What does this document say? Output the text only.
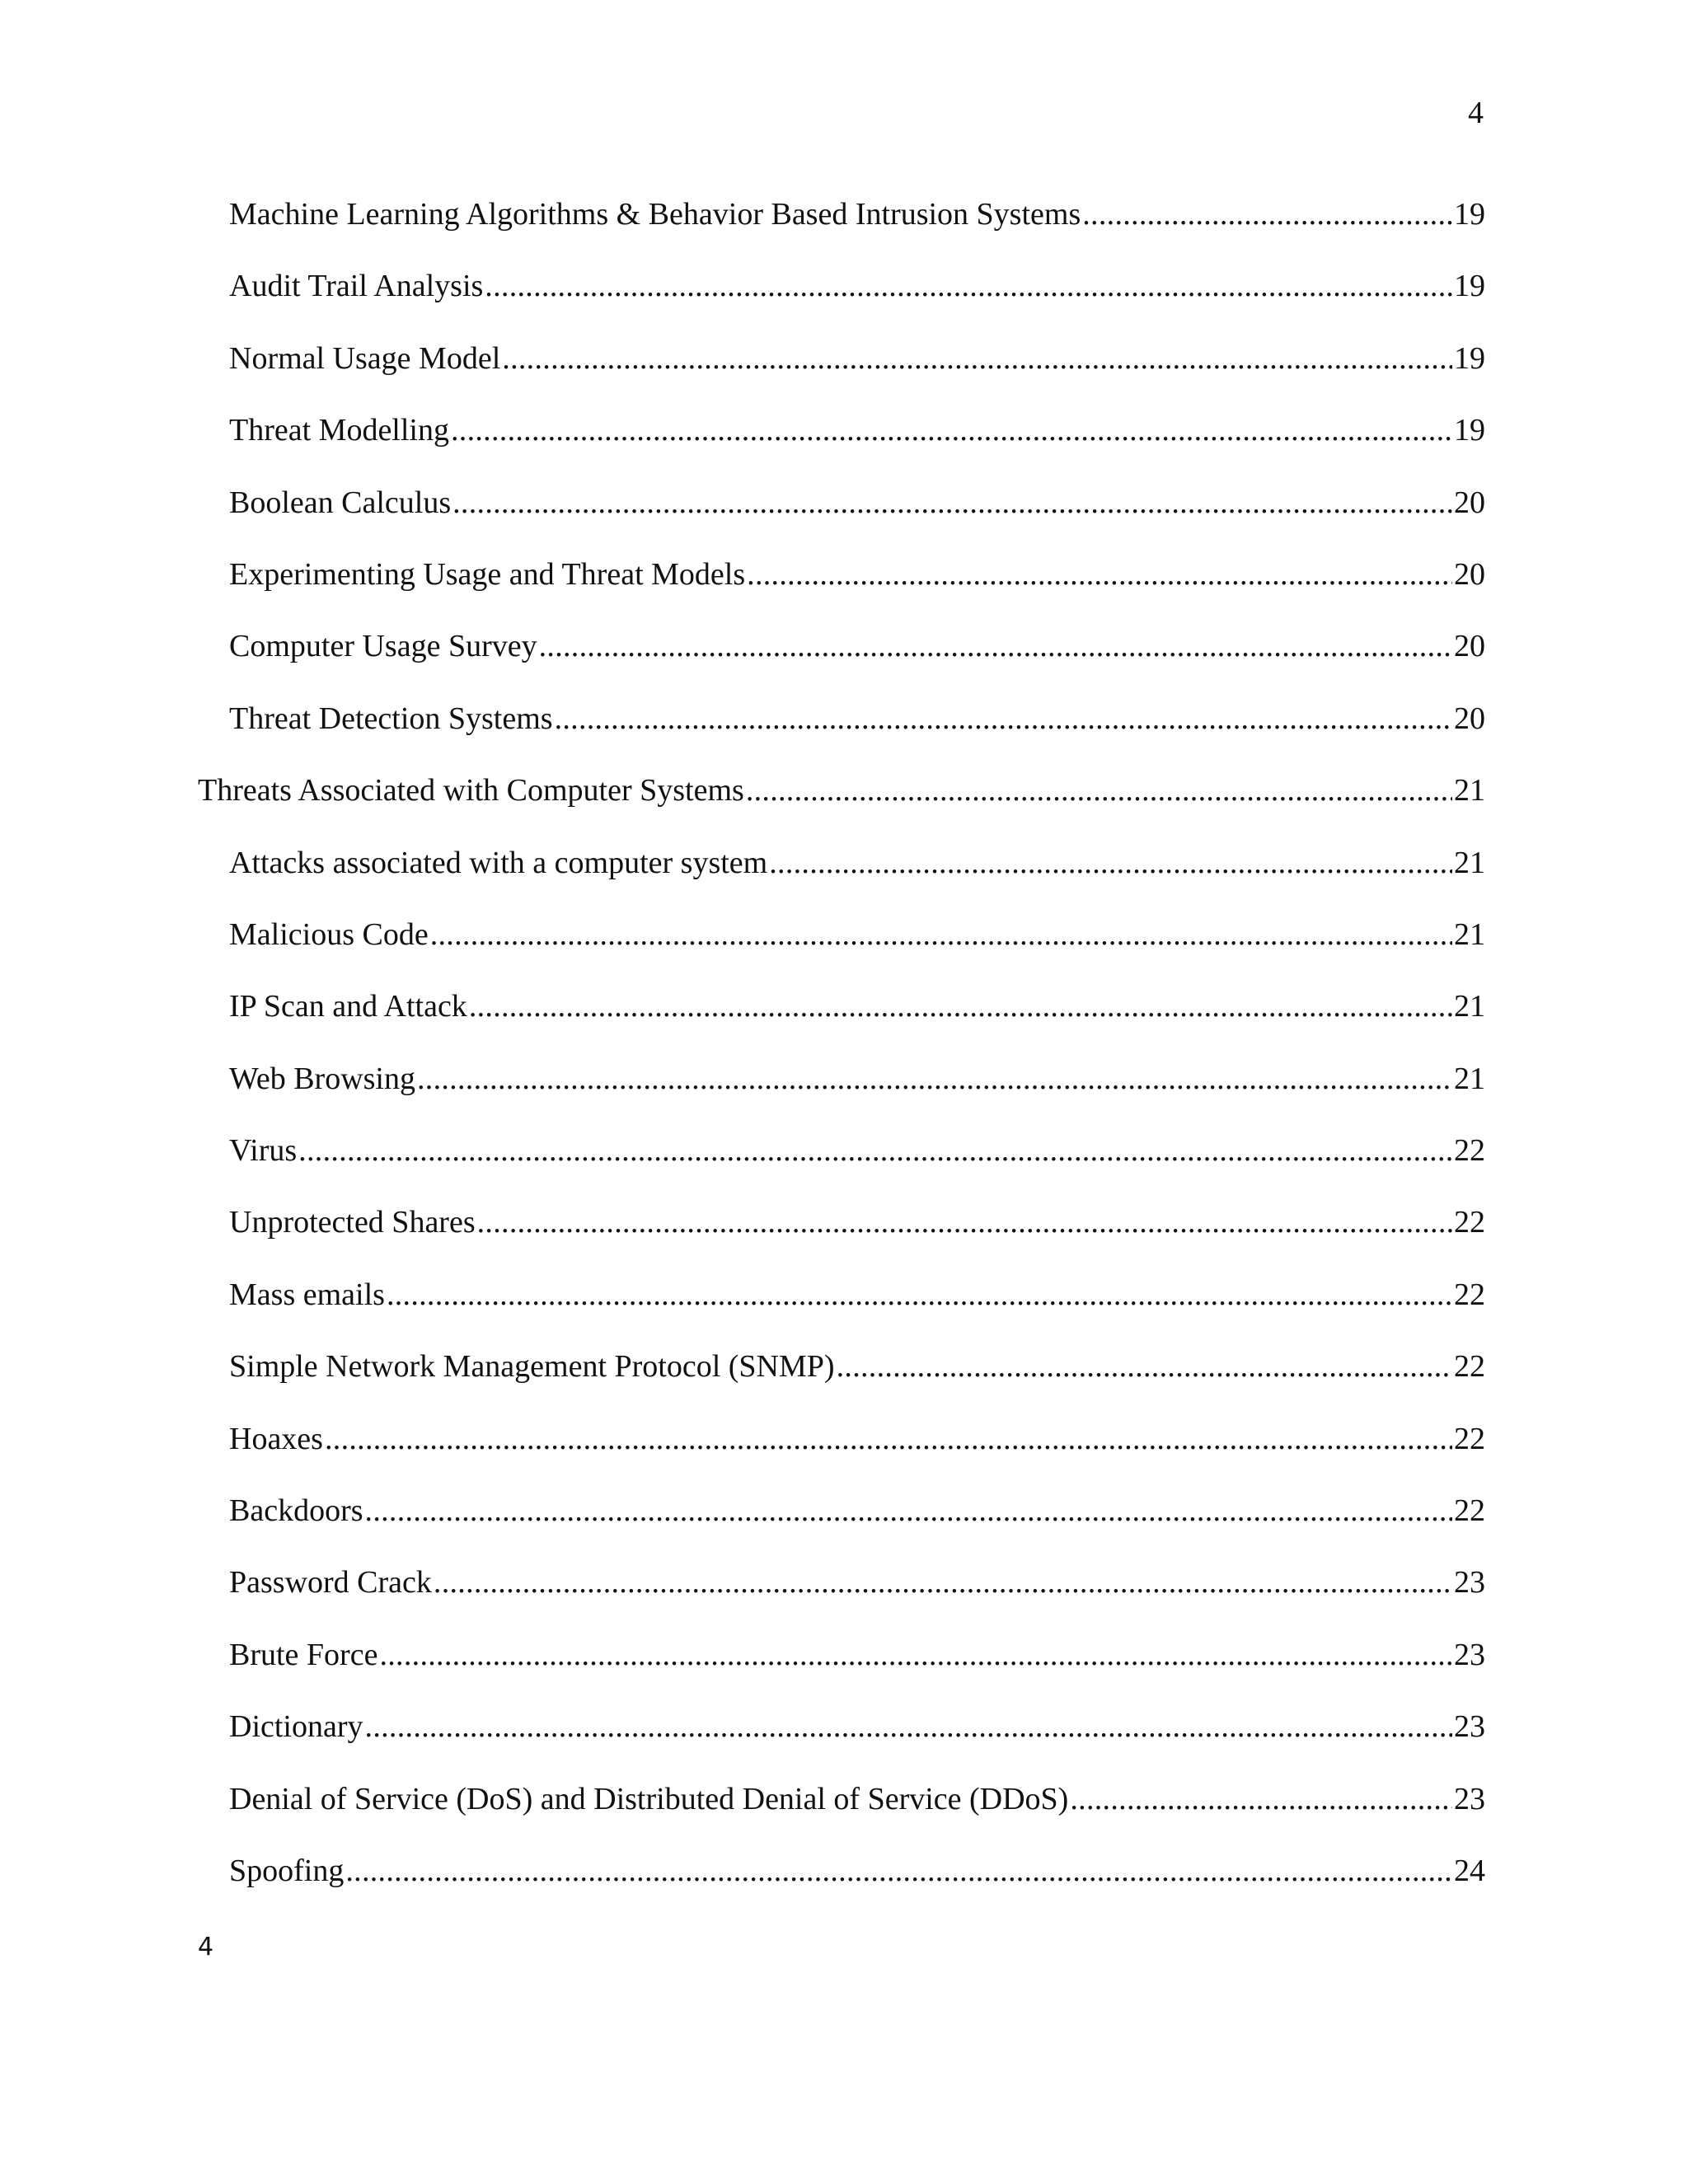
4
Machine Learning Algorithms & Behavior Based Intrusion Systems .....	19
Audit Trail Analysis .....	19
Normal Usage Model .....	19
Threat Modelling .....	19
Boolean Calculus .....	20
Experimenting Usage and Threat Models .....	20
Computer Usage Survey .....	20
Threat Detection Systems .....	20
Threats Associated with Computer Systems .....	21
Attacks associated with a computer system .....	21
Malicious Code .....	21
IP Scan and Attack .....	21
Web Browsing .....	21
Virus .....	22
Unprotected Shares .....	22
Mass emails .....	22
Simple Network Management Protocol (SNMP) .....	22
Hoaxes .....	22
Backdoors .....	22
Password Crack .....	23
Brute Force .....	23
Dictionary .....	23
Denial of Service (DoS) and Distributed Denial of Service (DDoS) .....	23
Spoofing .....	24
4
